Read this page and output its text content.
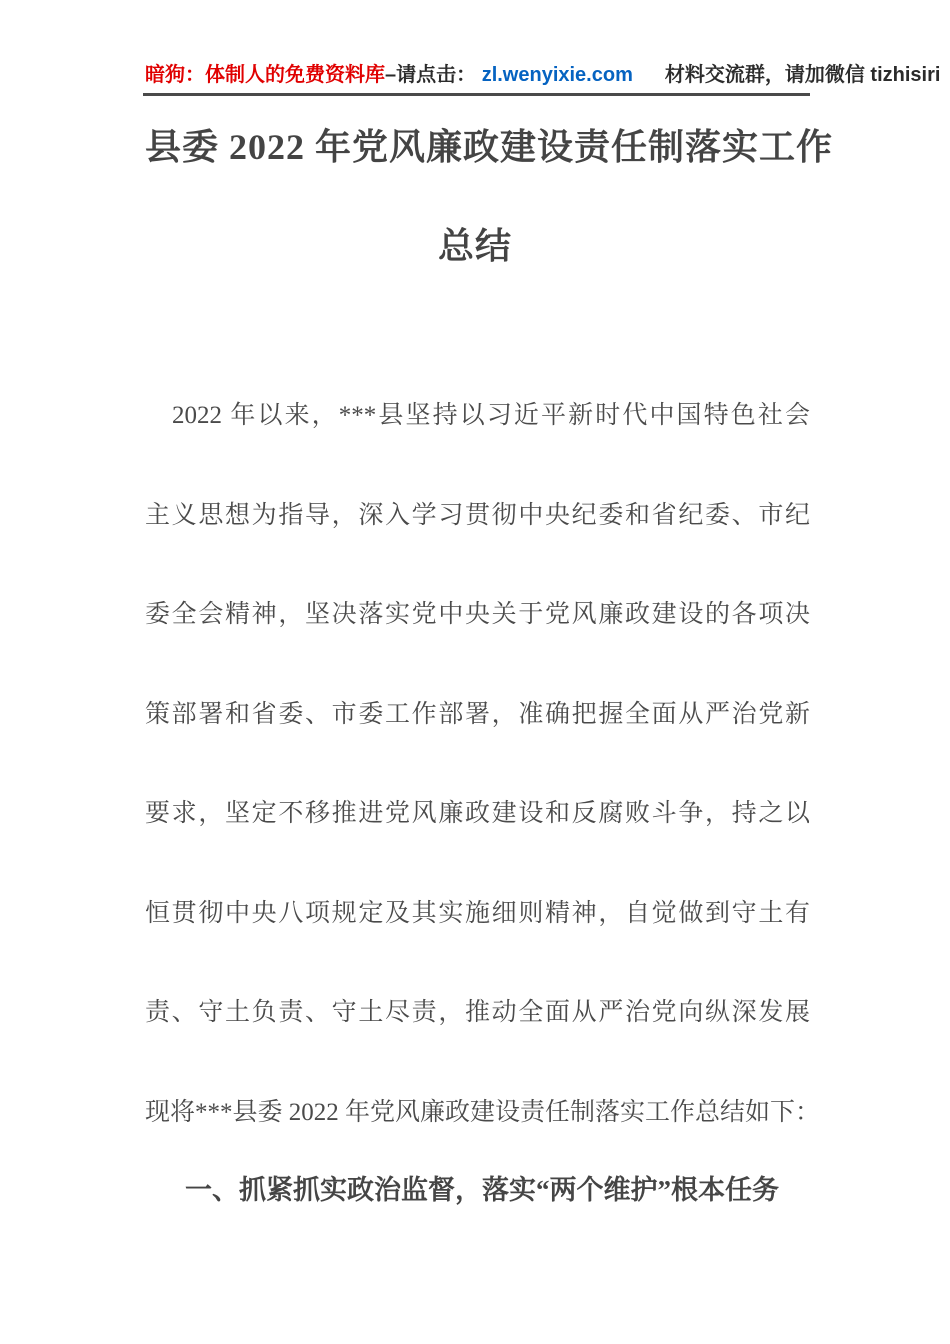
暗狗：体制人的免费资料库–请点击： zl.wenyixie.com 材料交流群，请加微信 tizhisiri
县委 2022 年党风廉政建设责任制落实工作
总结
2022 年以来，***县坚持以习近平新时代中国特色社会
主义思想为指导，深入学习贯彻中央纪委和省纪委、市纪
委全会精神，坚决落实党中央关于党风廉政建设的各项决
策部署和省委、市委工作部署，准确把握全面从严治党新
要求，坚定不移推进党风廉政建设和反腐败斗争，持之以
恒贯彻中央八项规定及其实施细则精神，自觉做到守土有
责、守土负责、守土尽责，推动全面从严治党向纵深发展
现将***县委 2022 年党风廉政建设责任制落实工作总结如下：
一、抓紧抓实政治监督，落实“两个维护”根本任务
